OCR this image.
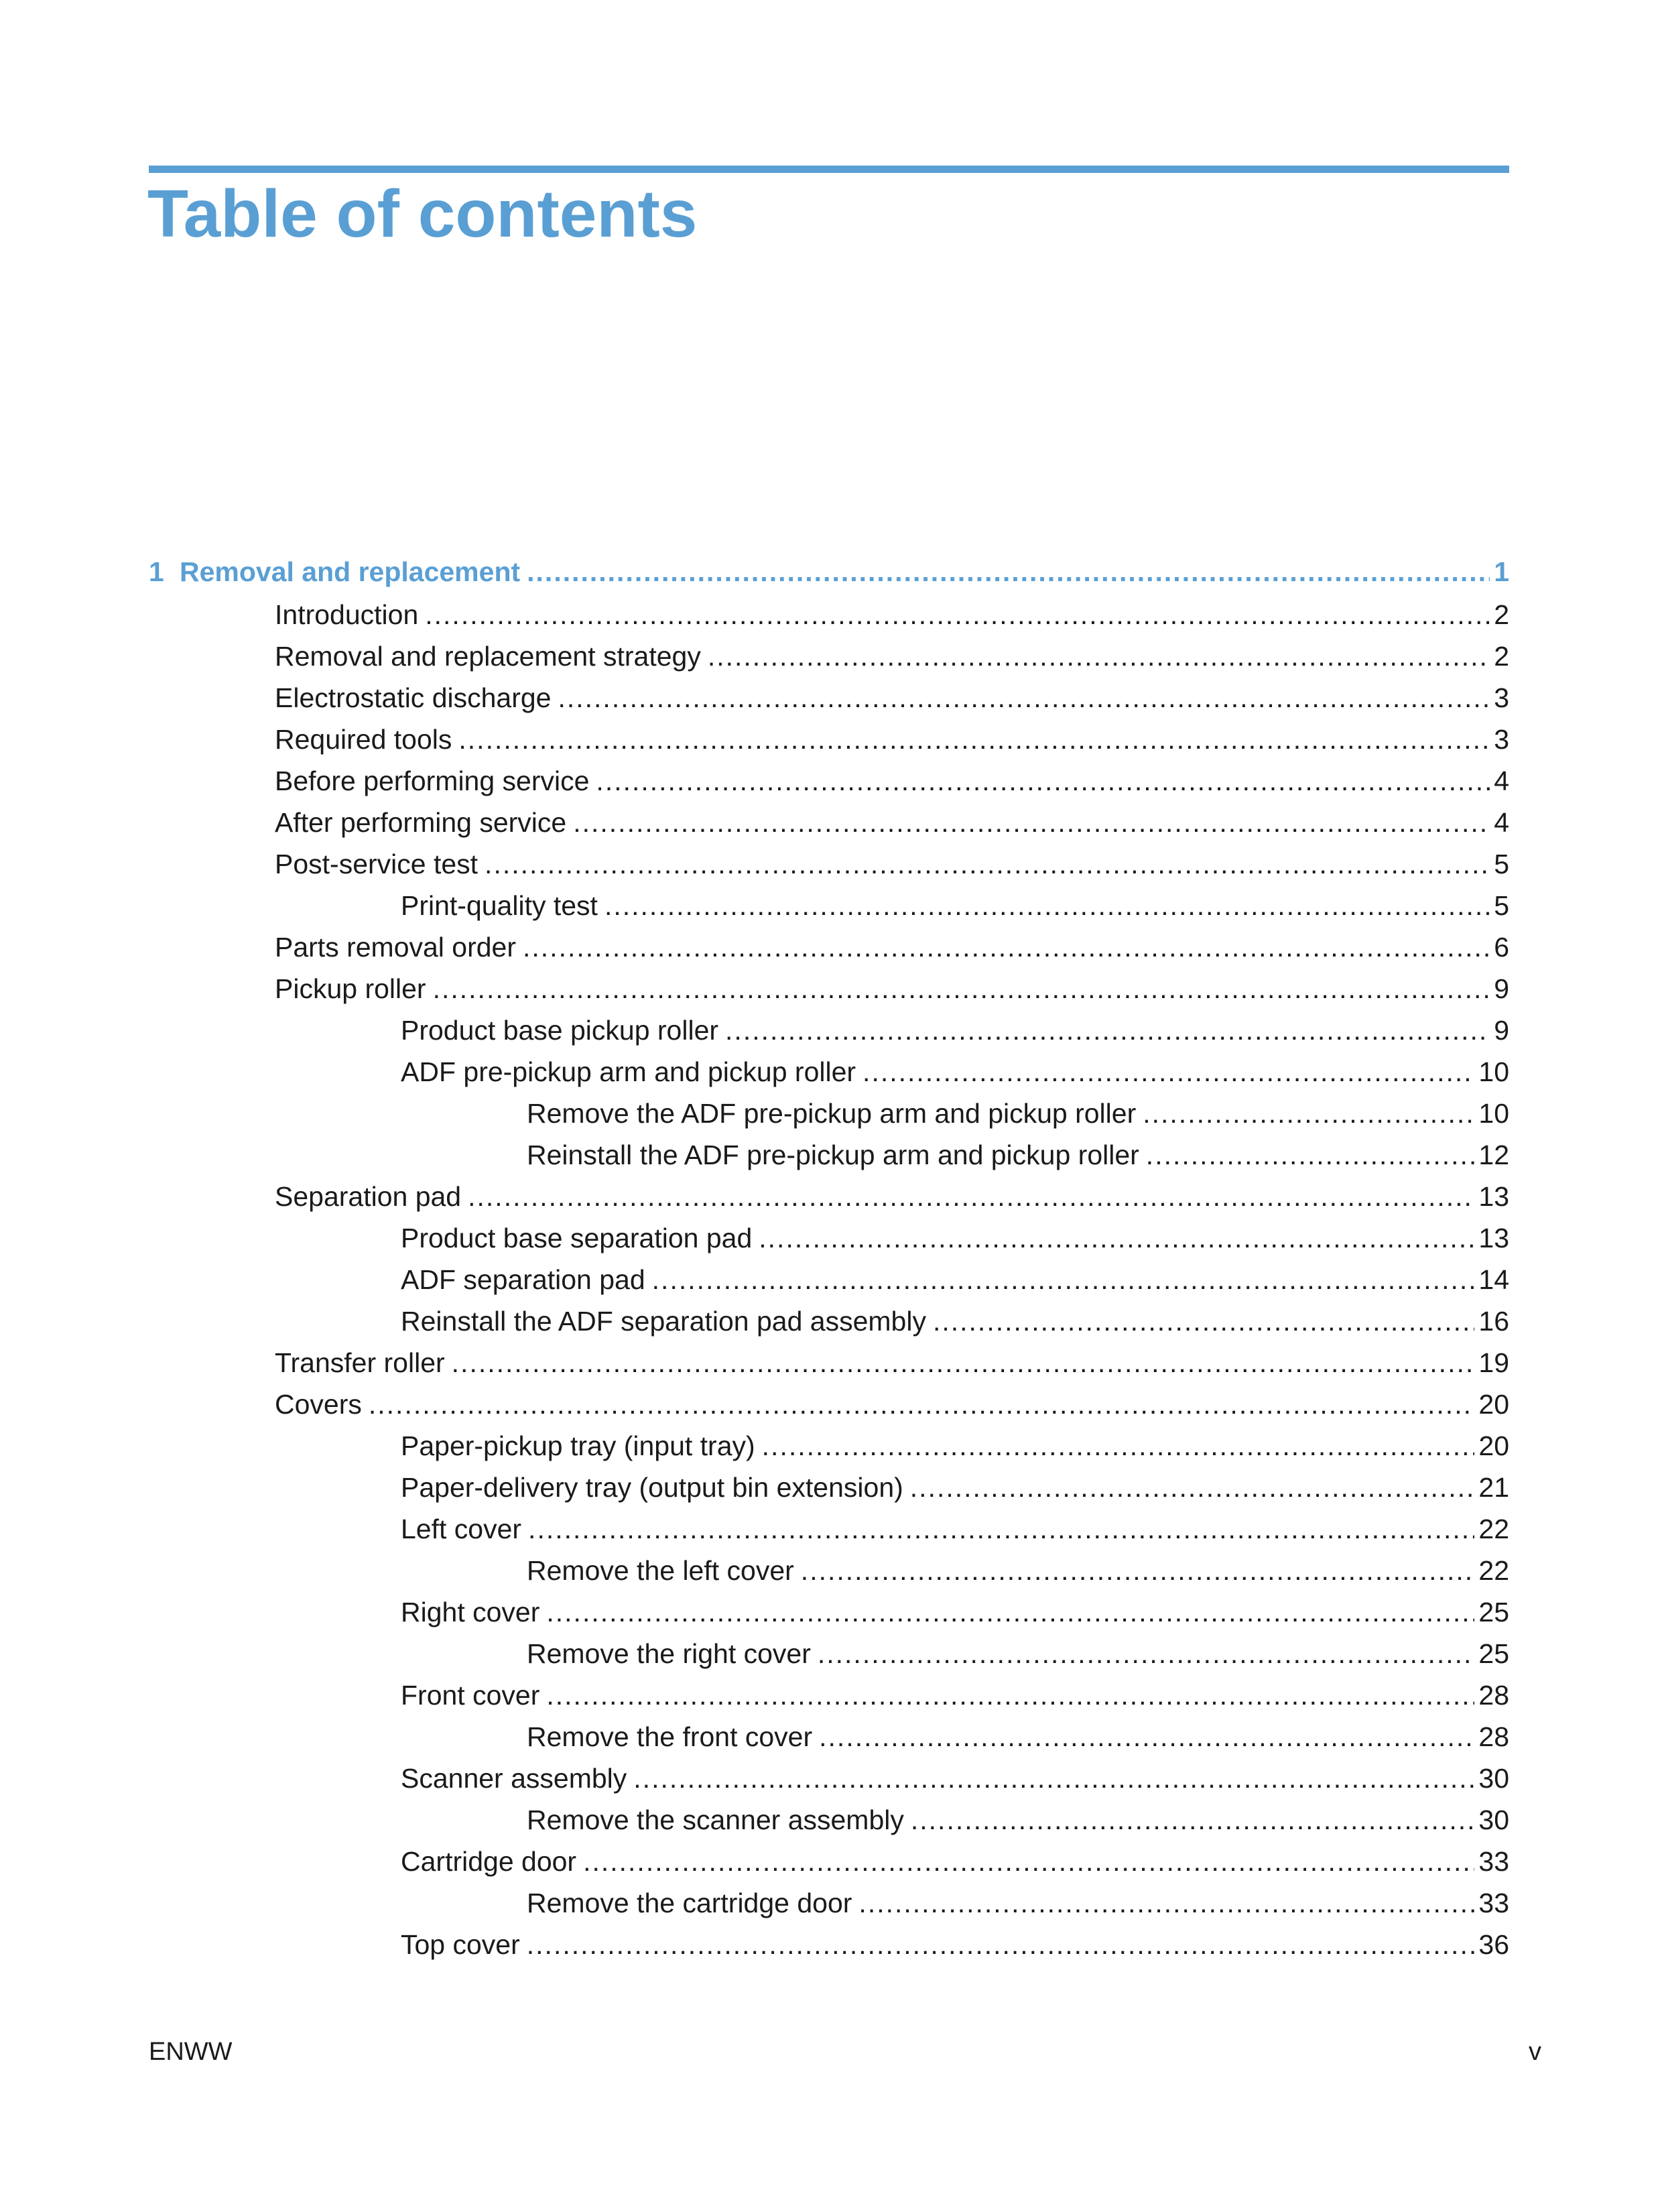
Table of contents
1 Removal and replacement .....	1
Introduction .....	2
Removal and replacement strategy .....	2
Electrostatic discharge .....	3
Required tools .....	3
Before performing service .....	4
After performing service .....	4
Post-service test .....	5
Print-quality test .....	5
Parts removal order .....	6
Pickup roller .....	9
Product base pickup roller .....	9
ADF pre-pickup arm and pickup roller .....	10
Remove the ADF pre-pickup arm and pickup roller .....	10
Reinstall the ADF pre-pickup arm and pickup roller .....	12
Separation pad .....	13
Product base separation pad .....	13
ADF separation pad .....	14
Reinstall the ADF separation pad assembly .....	16
Transfer roller .....	19
Covers .....	20
Paper-pickup tray (input tray) .....	20
Paper-delivery tray (output bin extension) .....	21
Left cover .....	22
Remove the left cover .....	22
Right cover .....	25
Remove the right cover .....	25
Front cover .....	28
Remove the front cover .....	28
Scanner assembly .....	30
Remove the scanner assembly .....	30
Cartridge door .....	33
Remove the cartridge door .....	33
Top cover .....	36
ENWW	v
